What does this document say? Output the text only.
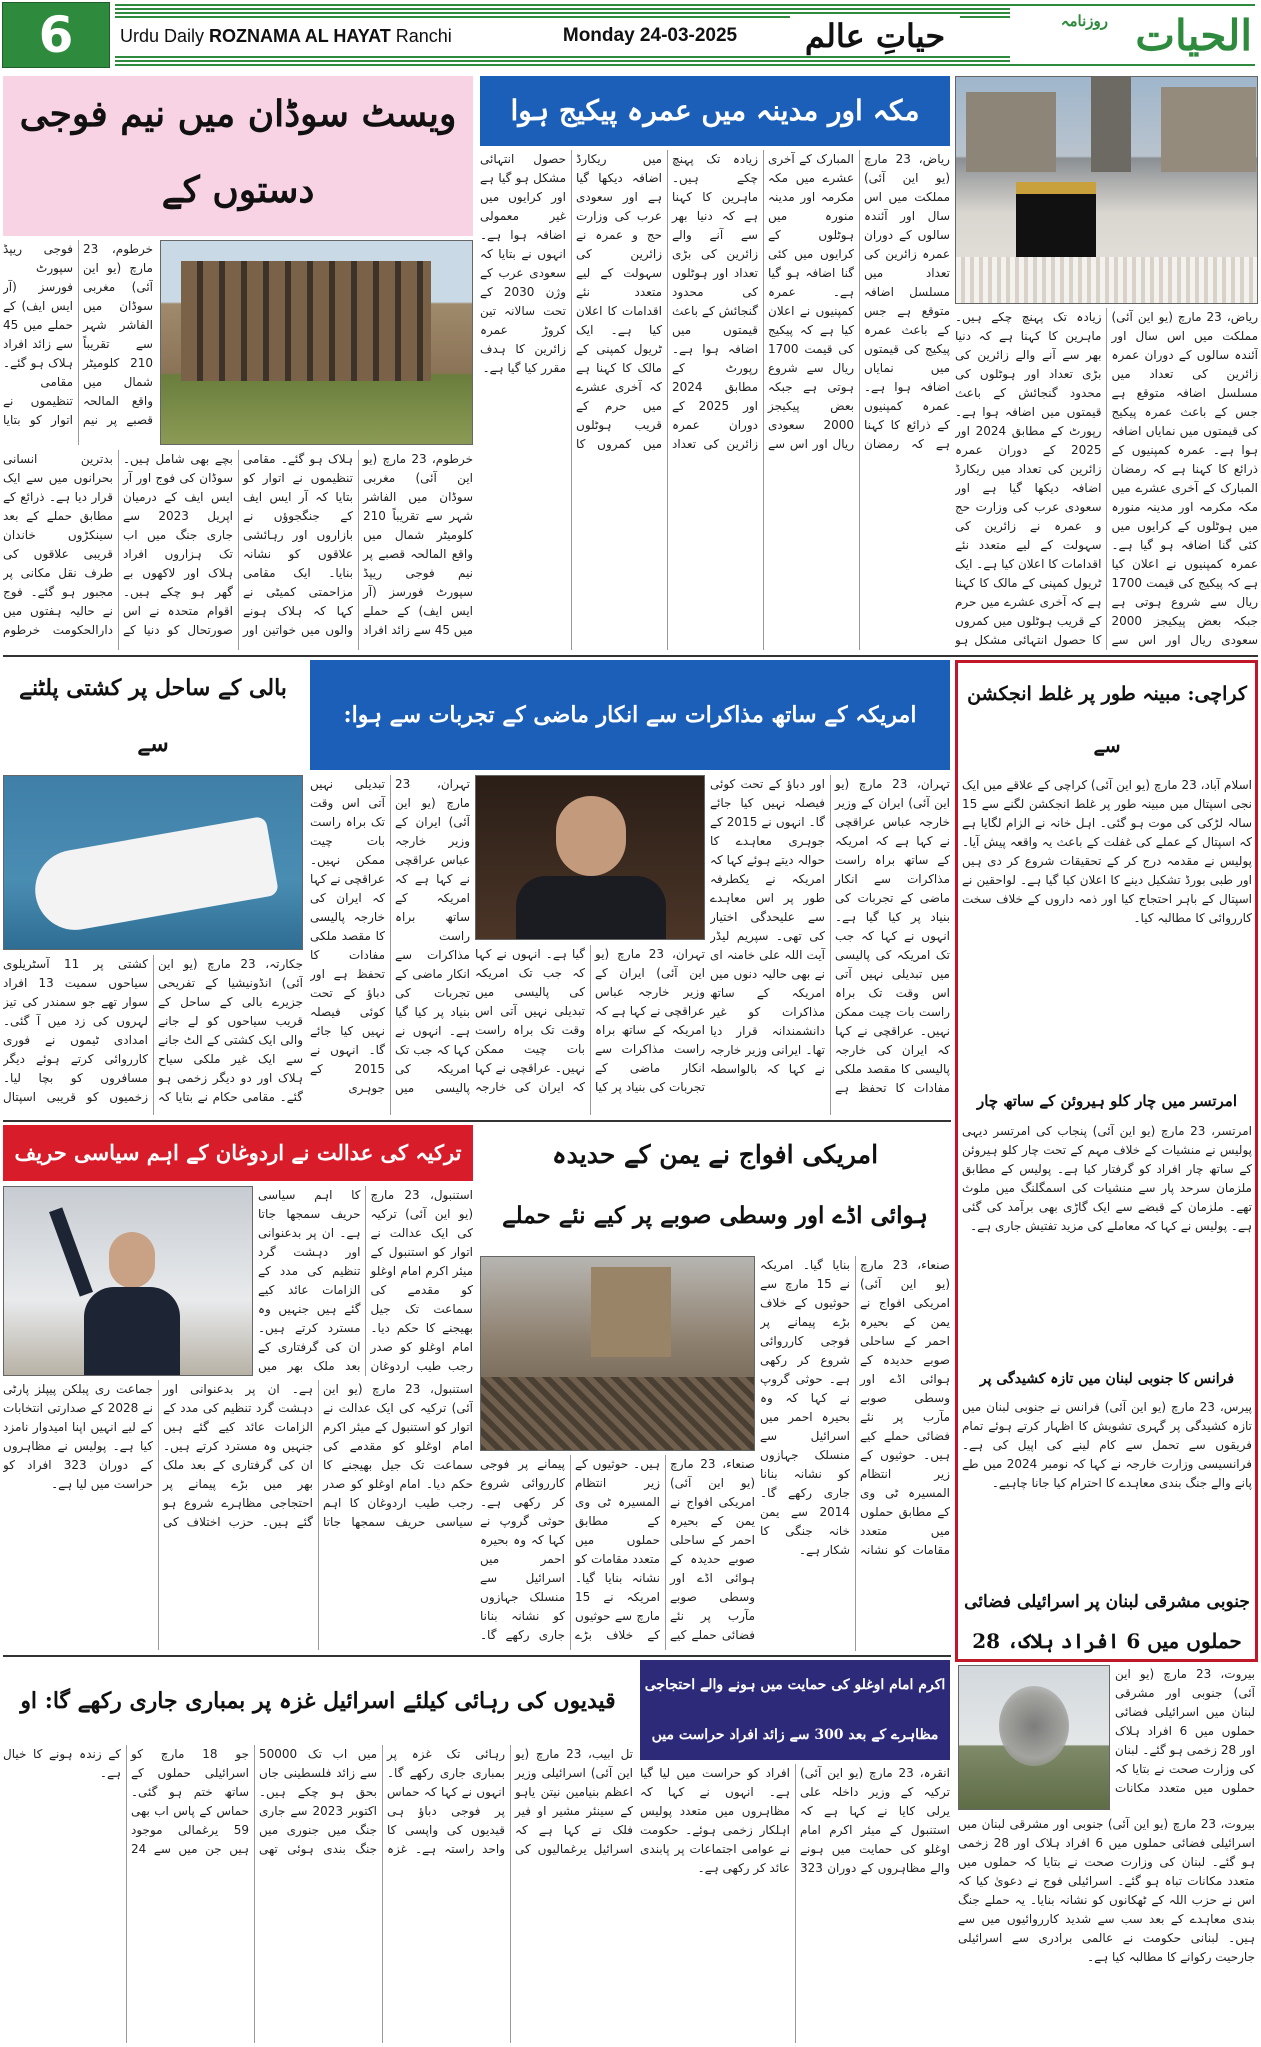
6	Urdu Daily ROZNAMA AL HAYAT Ranchi	Monday 24-03-2025	حیاتِ عالم	روزنامہ الحیات
مکہ اور مدینہ میں عمرہ پیکیج ہوا
ریاض، 23 مارچ (یو این آئی) مملکت میں اس سال اور آئندہ سالوں کے دوران عمرہ زائرین کی تعداد میں مسلسل اضافہ متوقع ہے جس کے باعث عمرہ پیکیج کی قیمتوں میں نمایاں اضافہ ہوا ہے۔ عمرہ کمپنیوں کے ذرائع کا کہنا ہے کہ رمضان المبارک کے آخری عشرے میں مکہ مکرمہ اور مدینہ منورہ میں ہوٹلوں کے کرایوں میں کئی گنا اضافہ ہو گیا ہے۔ عمرہ کمپنیوں نے اعلان کیا ہے کہ پیکیج کی قیمت 1700 ریال سے شروع ہوتی ہے جبکہ بعض پیکیجز 2000 سعودی ریال اور اس سے زیادہ تک پہنچ چکے ہیں۔ ماہرین کا کہنا ہے کہ دنیا بھر سے آنے والے زائرین کی بڑی تعداد اور ہوٹلوں کی محدود گنجائش کے باعث قیمتوں میں اضافہ ہوا ہے۔ رپورٹ کے مطابق 2024 اور 2025 کے دوران عمرہ زائرین کی تعداد میں ریکارڈ اضافہ دیکھا گیا ہے اور سعودی عرب کی وزارت حج و عمرہ نے زائرین کی سہولت کے لیے متعدد نئے اقدامات کا اعلان کیا ہے۔ ایک ٹریول کمپنی کے مالک کا کہنا ہے کہ آخری عشرے میں حرم کے قریب ہوٹلوں میں کمروں کا حصول انتہائی مشکل ہو گیا ہے اور کرایوں میں غیر معمولی اضافہ ہوا ہے۔ انہوں نے بتایا کہ سعودی عرب کے وژن 2030 کے تحت سالانہ تین کروڑ عمرہ زائرین کا ہدف مقرر کیا گیا ہے۔
ریاض، 23 مارچ (یو این آئی) مملکت میں اس سال اور آئندہ سالوں کے دوران عمرہ زائرین کی تعداد میں مسلسل اضافہ متوقع ہے جس کے باعث عمرہ پیکیج کی قیمتوں میں نمایاں اضافہ ہوا ہے۔ عمرہ کمپنیوں کے ذرائع کا کہنا ہے کہ رمضان المبارک کے آخری عشرے میں مکہ مکرمہ اور مدینہ منورہ میں ہوٹلوں کے کرایوں میں کئی گنا اضافہ ہو گیا ہے۔ عمرہ کمپنیوں نے اعلان کیا ہے کہ پیکیج کی قیمت 1700 ریال سے شروع ہوتی ہے جبکہ بعض پیکیجز 2000 سعودی ریال اور اس سے زیادہ تک پہنچ چکے ہیں۔ ماہرین کا کہنا ہے کہ دنیا بھر سے آنے والے زائرین کی بڑی تعداد اور ہوٹلوں کی محدود گنجائش کے باعث قیمتوں میں اضافہ ہوا ہے۔ رپورٹ کے مطابق 2024 اور 2025 کے دوران عمرہ زائرین کی تعداد میں ریکارڈ اضافہ دیکھا گیا ہے اور سعودی عرب کی وزارت حج و عمرہ نے زائرین کی سہولت کے لیے متعدد نئے اقدامات کا اعلان کیا ہے۔ ایک ٹریول کمپنی کے مالک کا کہنا ہے کہ آخری عشرے میں حرم کے قریب ہوٹلوں میں کمروں کا حصول انتہائی مشکل ہو
ویسٹ سوڈان میں نیم فوجی دستوں کے
خرطوم، 23 مارچ (یو این آئی) مغربی سوڈان میں الفاشر شہر سے تقریباً 210 کلومیٹر شمال میں واقع المالحہ قصبے پر نیم فوجی ریپڈ سپورٹ فورسز (آر ایس ایف) کے حملے میں 45 سے زائد افراد ہلاک ہو گئے۔ مقامی تنظیموں نے اتوار کو بتایا
خرطوم، 23 مارچ (یو این آئی) مغربی سوڈان میں الفاشر شہر سے تقریباً 210 کلومیٹر شمال میں واقع المالحہ قصبے پر نیم فوجی ریپڈ سپورٹ فورسز (آر ایس ایف) کے حملے میں 45 سے زائد افراد ہلاک ہو گئے۔ مقامی تنظیموں نے اتوار کو بتایا کہ آر ایس ایف کے جنگجوؤں نے بازاروں اور رہائشی علاقوں کو نشانہ بنایا۔ ایک مقامی مزاحمتی کمیٹی نے کہا کہ ہلاک ہونے والوں میں خواتین اور بچے بھی شامل ہیں۔ سوڈان کی فوج اور آر ایس ایف کے درمیان اپریل 2023 سے جاری جنگ میں اب تک ہزاروں افراد ہلاک اور لاکھوں بے گھر ہو چکے ہیں۔ اقوام متحدہ نے اس صورتحال کو دنیا کے بدترین انسانی بحرانوں میں سے ایک قرار دیا ہے۔ ذرائع کے مطابق حملے کے بعد سینکڑوں خاندان قریبی علاقوں کی طرف نقل مکانی پر مجبور ہو گئے۔ فوج نے حالیہ ہفتوں میں دارالحکومت خرطوم
بالی کے ساحل پر کشتی پلٹنے سے
جکارتہ، 23 مارچ (یو این آئی) انڈونیشیا کے تفریحی جزیرے بالی کے ساحل کے قریب سیاحوں کو لے جانے والی ایک کشتی کے الٹ جانے سے ایک غیر ملکی سیاح ہلاک اور دو دیگر زخمی ہو گئے۔ مقامی حکام نے بتایا کہ کشتی پر 11 آسٹریلوی سیاحوں سمیت 13 افراد سوار تھے جو سمندر کی تیز لہروں کی زد میں آ گئی۔ امدادی ٹیموں نے فوری کارروائی کرتے ہوئے دیگر مسافروں کو بچا لیا۔ زخمیوں کو قریبی اسپتال
امریکہ کے ساتھ مذاکرات سے انکار ماضی کے تجربات سے ہوا:
تہران، 23 مارچ (یو این آئی) ایران کے وزیر خارجہ عباس عراقچی نے کہا ہے کہ امریکہ کے ساتھ براہ راست مذاکرات سے انکار ماضی کے تجربات کی بنیاد پر کیا گیا ہے۔ انہوں نے کہا کہ جب تک امریکہ کی پالیسی میں تبدیلی نہیں آتی اس وقت تک براہ راست بات چیت ممکن نہیں۔ عراقچی نے کہا کہ ایران کی خارجہ پالیسی کا مقصد ملکی مفادات کا تحفظ ہے اور دباؤ کے تحت کوئی فیصلہ نہیں کیا جائے گا۔ انہوں نے 2015 کے جوہری معاہدے کا حوالہ دیتے ہوئے کہا کہ امریکہ نے یکطرفہ طور پر اس معاہدے سے علیحدگی اختیار کی تھی۔ سپریم لیڈر آیت اللہ علی خامنہ ای نے بھی حالیہ دنوں میں امریکہ کے ساتھ مذاکرات کو غیر دانشمندانہ قرار دیا تھا۔ ایرانی وزیر خارجہ نے کہا کہ بالواسطہ
تہران، 23 مارچ (یو این آئی) ایران کے وزیر خارجہ عباس عراقچی نے کہا ہے کہ امریکہ کے ساتھ براہ راست مذاکرات سے انکار ماضی کے تجربات کی بنیاد پر کیا گیا ہے۔ انہوں نے کہا کہ جب تک امریکہ کی پالیسی میں تبدیلی نہیں آتی اس وقت تک براہ راست بات چیت ممکن نہیں۔ عراقچی نے کہا کہ ایران کی خارجہ پالیسی کا مقصد ملکی مفادات کا تحفظ ہے اور دباؤ کے تحت کوئی فیصلہ نہیں کیا جائے گا۔ انہوں نے 2015 کے جوہری
تہران، 23 مارچ (یو این آئی) ایران کے وزیر خارجہ عباس عراقچی نے کہا ہے کہ امریکہ کے ساتھ براہ راست مذاکرات سے انکار ماضی کے تجربات کی بنیاد پر کیا گیا ہے۔ انہوں نے کہا کہ جب تک امریکہ کی پالیسی میں تبدیلی نہیں آتی اس وقت تک براہ راست بات چیت ممکن نہیں۔ عراقچی نے کہا کہ ایران کی خارجہ
کراچی: مبینہ طور پر غلط انجکشن سے
اسلام آباد، 23 مارچ (یو این آئی) کراچی کے علاقے میں ایک نجی اسپتال میں مبینہ طور پر غلط انجکشن لگنے سے 15 سالہ لڑکی کی موت ہو گئی۔ اہل خانہ نے الزام لگایا ہے کہ اسپتال کے عملے کی غفلت کے باعث یہ واقعہ پیش آیا۔ پولیس نے مقدمہ درج کر کے تحقیقات شروع کر دی ہیں اور طبی بورڈ تشکیل دینے کا اعلان کیا گیا ہے۔ لواحقین نے اسپتال کے باہر احتجاج کیا اور ذمہ داروں کے خلاف سخت کارروائی کا مطالبہ کیا۔
امرتسر میں چار کلو ہیروئن کے ساتھ چار
امرتسر، 23 مارچ (یو این آئی) پنجاب کی امرتسر دیہی پولیس نے منشیات کے خلاف مہم کے تحت چار کلو ہیروئن کے ساتھ چار افراد کو گرفتار کیا ہے۔ پولیس کے مطابق ملزمان سرحد پار سے منشیات کی اسمگلنگ میں ملوث تھے۔ ملزمان کے قبضے سے ایک گاڑی بھی برآمد کی گئی ہے۔ پولیس نے کہا کہ معاملے کی مزید تفتیش جاری ہے۔
فرانس کا جنوبی لبنان میں تازہ کشیدگی پر
پیرس، 23 مارچ (یو این آئی) فرانس نے جنوبی لبنان میں تازہ کشیدگی پر گہری تشویش کا اظہار کرتے ہوئے تمام فریقوں سے تحمل سے کام لینے کی اپیل کی ہے۔ فرانسیسی وزارت خارجہ نے کہا کہ نومبر 2024 میں طے پانے والے جنگ بندی معاہدے کا احترام کیا جانا چاہیے۔
جنوبی مشرقی لبنان پر اسرائیلی فضائی
حملوں میں 6 افراد ہلاک، 28
ترکیہ کی عدالت نے اردوغان کے اہم سیاسی حریف
استنبول، 23 مارچ (یو این آئی) ترکیہ کی ایک عدالت نے اتوار کو استنبول کے میئر اکرم امام اوغلو کو مقدمے کی سماعت تک جیل بھیجنے کا حکم دیا۔ امام اوغلو کو صدر رجب طیب اردوغان کا اہم سیاسی حریف سمجھا جاتا ہے۔ ان پر بدعنوانی اور دہشت گرد تنظیم کی مدد کے الزامات عائد کیے گئے ہیں جنہیں وہ مسترد کرتے ہیں۔ ان کی گرفتاری کے بعد ملک بھر میں
استنبول، 23 مارچ (یو این آئی) ترکیہ کی ایک عدالت نے اتوار کو استنبول کے میئر اکرم امام اوغلو کو مقدمے کی سماعت تک جیل بھیجنے کا حکم دیا۔ امام اوغلو کو صدر رجب طیب اردوغان کا اہم سیاسی حریف سمجھا جاتا ہے۔ ان پر بدعنوانی اور دہشت گرد تنظیم کی مدد کے الزامات عائد کیے گئے ہیں جنہیں وہ مسترد کرتے ہیں۔ ان کی گرفتاری کے بعد ملک بھر میں بڑے پیمانے پر احتجاجی مظاہرے شروع ہو گئے ہیں۔ حزب اختلاف کی جماعت ری پبلکن پیپلز پارٹی نے 2028 کے صدارتی انتخابات کے لیے انہیں اپنا امیدوار نامزد کیا ہے۔ پولیس نے مظاہروں کے دوران 323 افراد کو حراست میں لیا ہے۔
امریکی افواج نے یمن کے حدیدہ
ہوائی اڈے اور وسطی صوبے پر کیے نئے حملے
صنعاء، 23 مارچ (یو این آئی) امریکی افواج نے یمن کے بحیرہ احمر کے ساحلی صوبے حدیدہ کے ہوائی اڈے اور وسطی صوبے مآرب پر نئے فضائی حملے کیے ہیں۔ حوثیوں کے زیر انتظام المسیرہ ٹی وی کے مطابق حملوں میں متعدد مقامات کو نشانہ بنایا گیا۔ امریکہ نے 15 مارچ سے حوثیوں کے خلاف بڑے پیمانے پر فوجی کارروائی شروع کر رکھی ہے۔ حوثی گروپ نے کہا کہ وہ بحیرہ احمر میں اسرائیل سے منسلک جہازوں کو نشانہ بنانا جاری رکھے گا۔ 2014 سے یمن خانہ جنگی کا شکار ہے۔
صنعاء، 23 مارچ (یو این آئی) امریکی افواج نے یمن کے بحیرہ احمر کے ساحلی صوبے حدیدہ کے ہوائی اڈے اور وسطی صوبے مآرب پر نئے فضائی حملے کیے ہیں۔ حوثیوں کے زیر انتظام المسیرہ ٹی وی کے مطابق حملوں میں متعدد مقامات کو نشانہ بنایا گیا۔ امریکہ نے 15 مارچ سے حوثیوں کے خلاف بڑے پیمانے پر فوجی کارروائی شروع کر رکھی ہے۔ حوثی گروپ نے کہا کہ وہ بحیرہ احمر میں اسرائیل سے منسلک جہازوں کو نشانہ بنانا جاری رکھے گا۔
قیدیوں کی رہائی کیلئے اسرائیل غزہ پر بمباری جاری رکھے گا: او
تل ابیب، 23 مارچ (یو این آئی) اسرائیلی وزیر اعظم بنیامین نیتن یاہو کے سینئر مشیر او فیر فلک نے کہا ہے کہ اسرائیل یرغمالیوں کی رہائی تک غزہ پر بمباری جاری رکھے گا۔ انہوں نے کہا کہ حماس پر فوجی دباؤ ہی قیدیوں کی واپسی کا واحد راستہ ہے۔ غزہ میں اب تک 50000 سے زائد فلسطینی جاں بحق ہو چکے ہیں۔ اکتوبر 2023 سے جاری جنگ میں جنوری میں جنگ بندی ہوئی تھی جو 18 مارچ کو اسرائیلی حملوں کے ساتھ ختم ہو گئی۔ حماس کے پاس اب بھی 59 یرغمالی موجود ہیں جن میں سے 24 کے زندہ ہونے کا خیال ہے۔
اکرم امام اوغلو کی حمایت میں ہونے والے احتجاجی
مظاہرے کے بعد 300 سے زائد افراد حراست میں
انقرہ، 23 مارچ (یو این آئی) ترکیہ کے وزیر داخلہ علی یرلی کایا نے کہا ہے کہ استنبول کے میئر اکرم امام اوغلو کی حمایت میں ہونے والے مظاہروں کے دوران 323 افراد کو حراست میں لیا گیا ہے۔ انہوں نے کہا کہ مظاہروں میں متعدد پولیس اہلکار زخمی ہوئے۔ حکومت نے عوامی اجتماعات پر پابندی عائد کر رکھی ہے۔
بیروت، 23 مارچ (یو این آئی) جنوبی اور مشرقی لبنان میں اسرائیلی فضائی حملوں میں 6 افراد ہلاک اور 28 زخمی ہو گئے۔ لبنان کی وزارت صحت نے بتایا کہ حملوں میں متعدد مکانات
بیروت، 23 مارچ (یو این آئی) جنوبی اور مشرقی لبنان میں اسرائیلی فضائی حملوں میں 6 افراد ہلاک اور 28 زخمی ہو گئے۔ لبنان کی وزارت صحت نے بتایا کہ حملوں میں متعدد مکانات تباہ ہو گئے۔ اسرائیلی فوج نے دعویٰ کیا کہ اس نے حزب اللہ کے ٹھکانوں کو نشانہ بنایا۔ یہ حملے جنگ بندی معاہدے کے بعد سب سے شدید کارروائیوں میں سے ہیں۔ لبنانی حکومت نے عالمی برادری سے اسرائیلی جارحیت رکوانے کا مطالبہ کیا ہے۔
